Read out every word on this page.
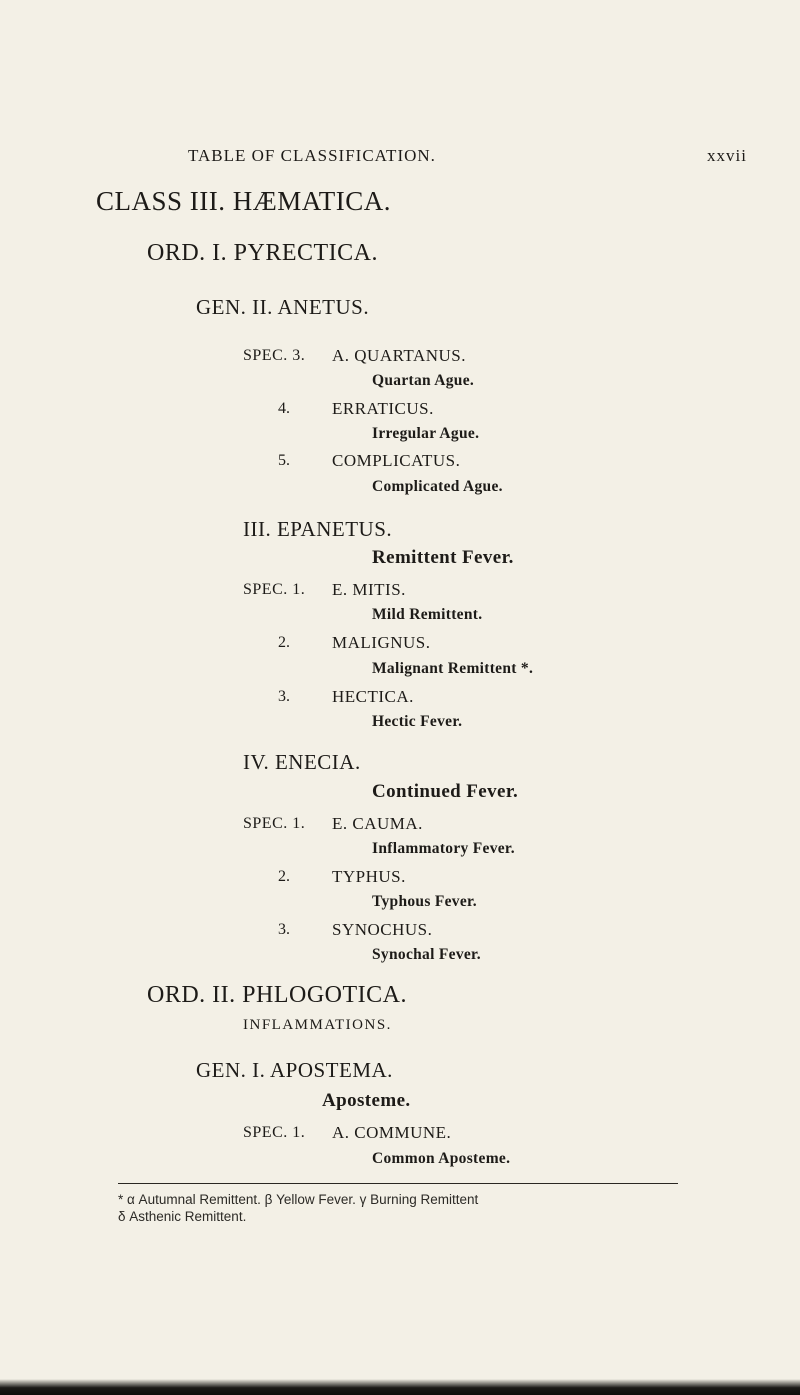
TABLE OF CLASSIFICATION.	xxvii
CLASS III. HÆMATICA.
ORD. I. PYRECTICA.
GEN. II. ANETUS.
SPEC. 3. A. QUARTANUS.
Quartan Ague.
4. ERRATICUS.
Irregular Ague.
5. COMPLICATUS.
Complicated Ague.
III. EPANETUS.
Remittent Fever.
SPEC. 1. E. MITIS.
Mild Remittent.
2. MALIGNUS.
Malignant Remittent *.
3. HECTICA.
Hectic Fever.
IV. ENECIA.
Continued Fever.
SPEC. 1. E. CAUMA.
Inflammatory Fever.
2. TYPHUS.
Typhous Fever.
3. SYNOCHUS.
Synochal Fever.
ORD. II. PHLOGOTICA.
INFLAMMATIONS.
GEN. I. APOSTEMA.
Aposteme.
SPEC. 1. A. COMMUNE.
Common Aposteme.
* α Autumnal Remittent. β Yellow Fever. γ Burning Remittent
δ Asthenic Remittent.
